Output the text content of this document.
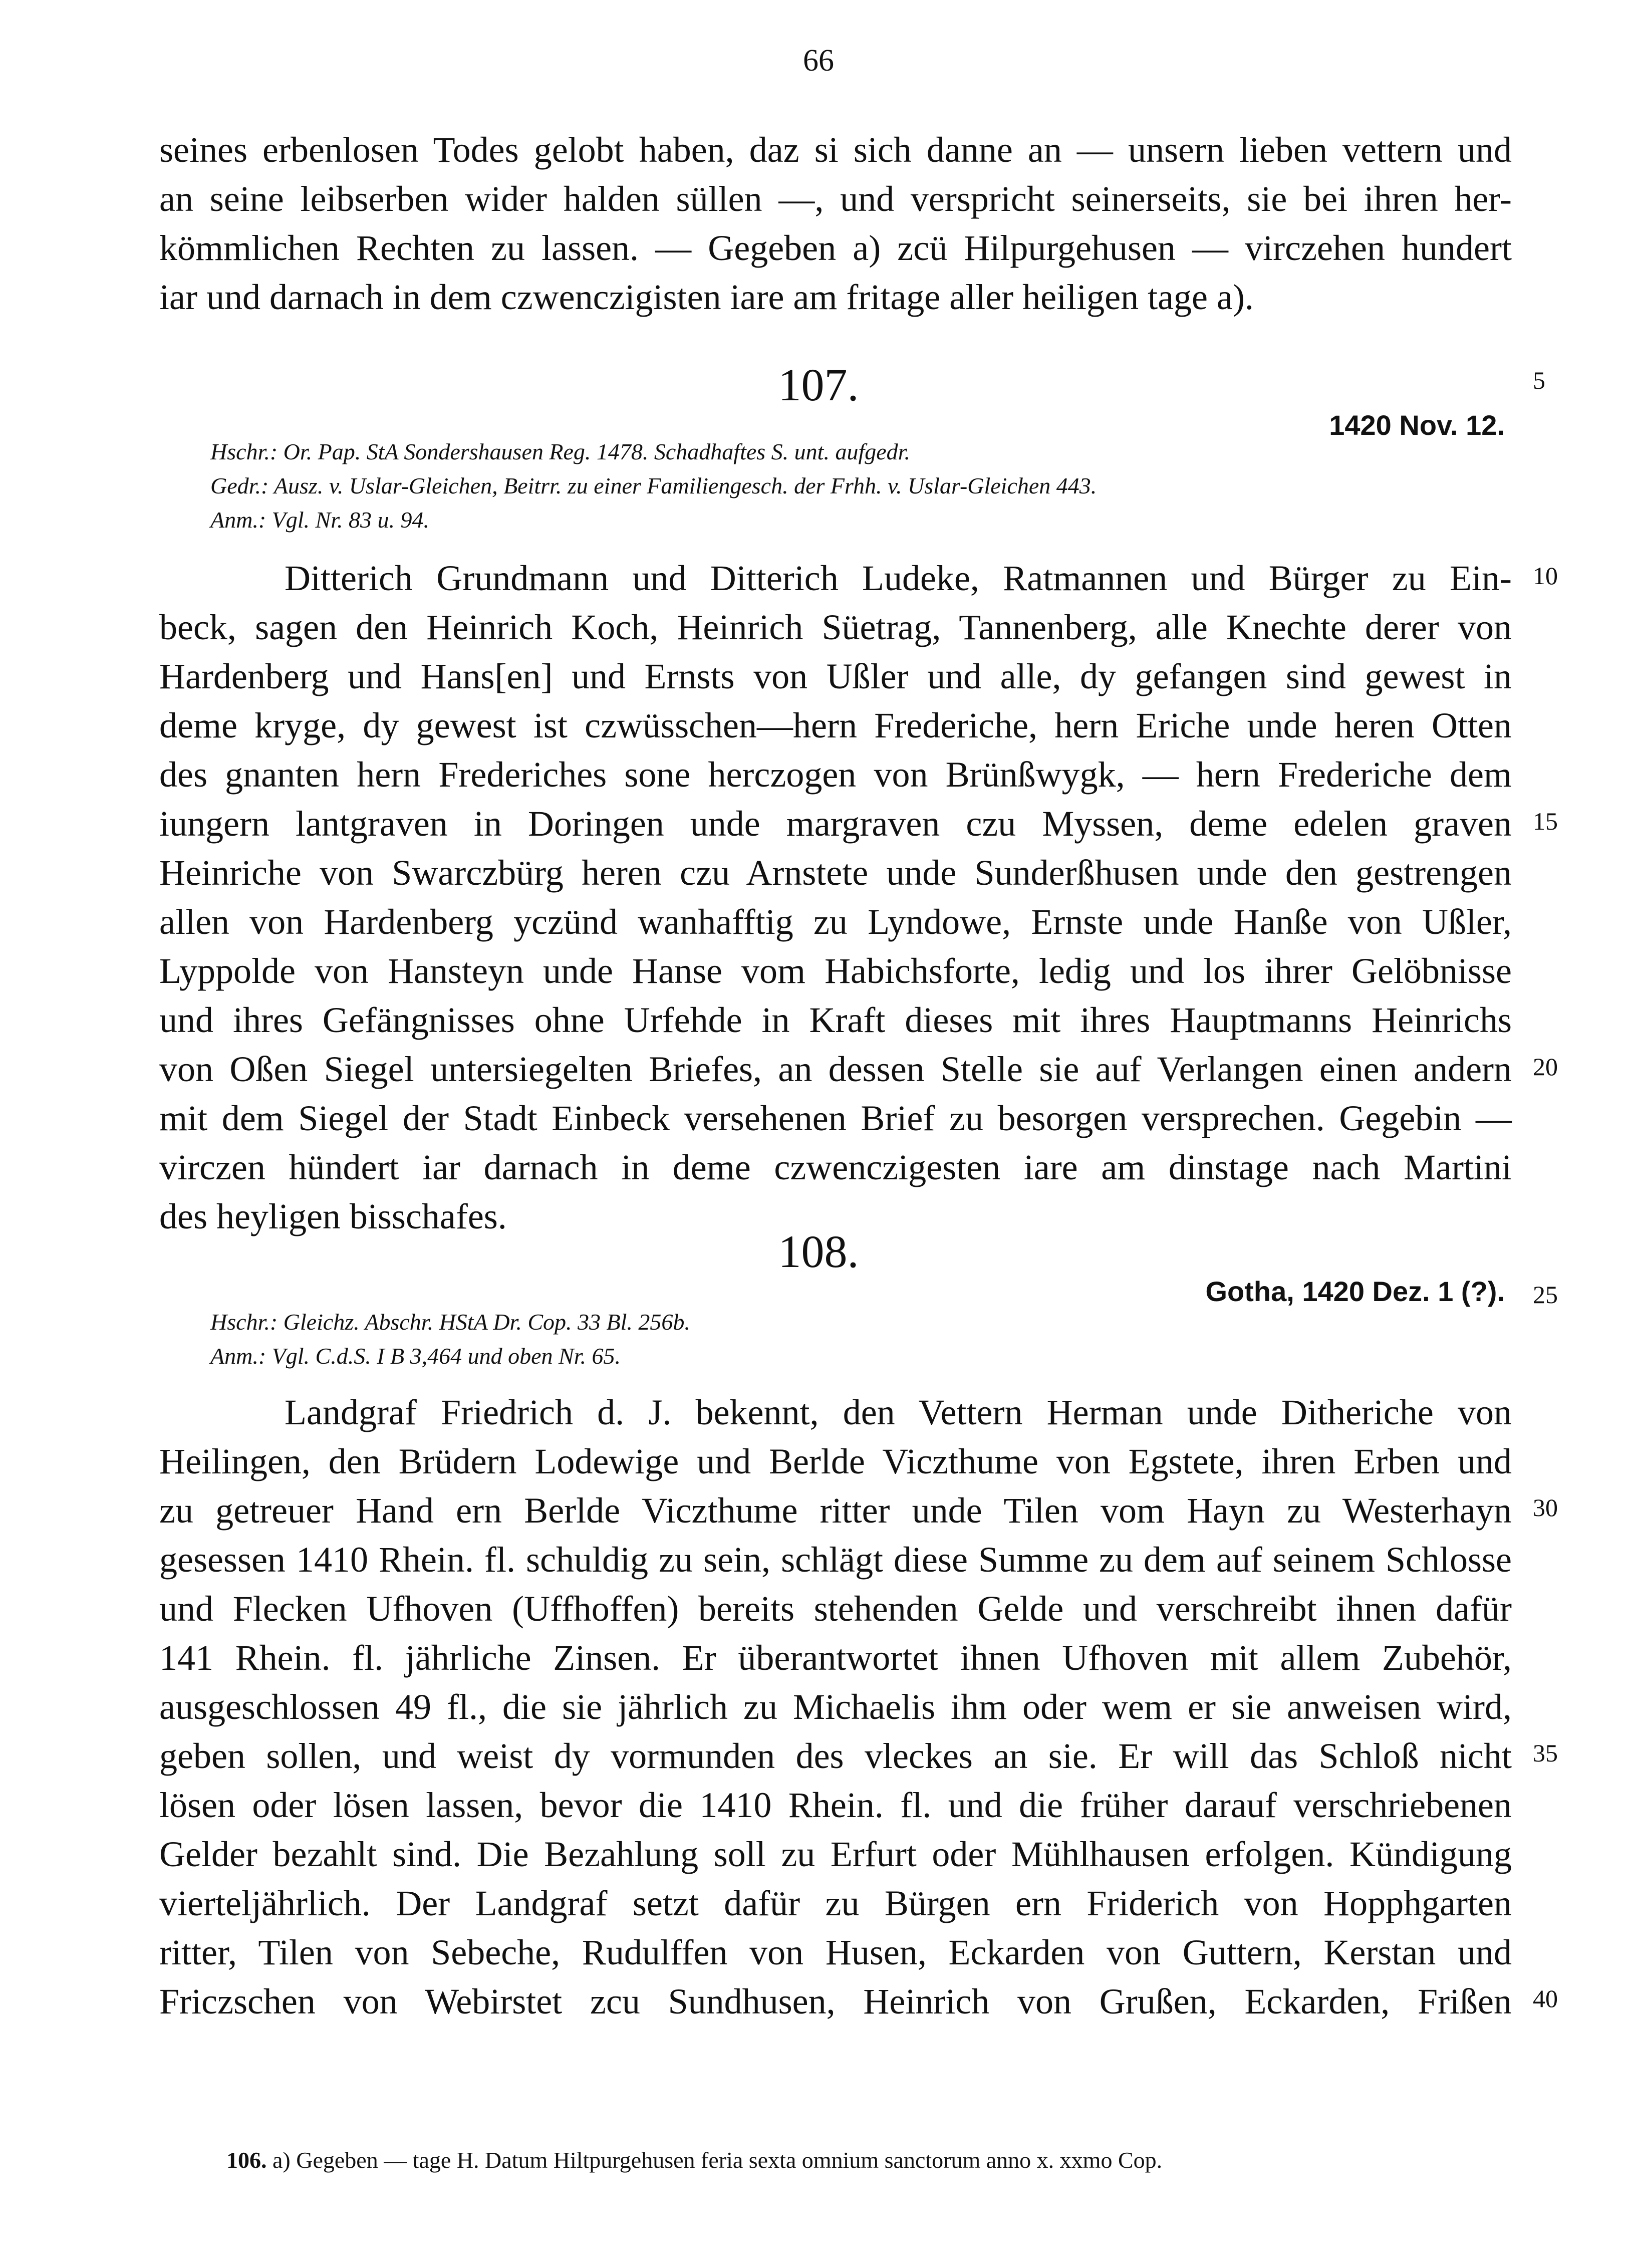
66
seines erbenlosen Todes gelobt haben, daz si sich danne an — unsern lieben vettern und
an seine leibserben wider halden süllen —, und verspricht seinerseits, sie bei ihren her-
kömmlichen Rechten zu lassen. — Gegeben a) zcü Hilpurgehusen — virczehen hundert
iar und darnach in dem czwenczigisten iare am fritage aller heiligen tage a).
107.
1420 Nov. 12.
Hschr.: Or. Pap. StA Sondershausen Reg. 1478. Schadhaftes S. unt. aufgedr.
Gedr.: Ausz. v. Uslar-Gleichen, Beitrr. zu einer Familiengesch. der Frhh. v. Uslar-Gleichen 443.
Anm.: Vgl. Nr. 83 u. 94.
Ditterich Grundmann und Ditterich Ludeke, Ratmannen und Bürger zu Ein-
beck, sagen den Heinrich Koch, Heinrich Süetrag, Tannenberg, alle Knechte derer von
Hardenberg und Hans[en] und Ernsts von Ußler und alle, dy gefangen sind gewest in
deme kryge, dy gewest ist czwüsschen—hern Frederiche, hern Eriche unde heren Otten
des gnanten hern Frederiches sone herczogen von Brünßwygk, — hern Frederiche dem
iungern lantgraven in Doringen unde margraven czu Myssen, deme edelen graven
Heinriche von Swarczbürg heren czu Arnstete unde Sunderßhusen unde den gestrengen
allen von Hardenberg yczünd wanhafftig zu Lyndowe, Ernste unde Hanße von Ußler,
Lyppolde von Hansteyn unde Hanse vom Habichsforte, ledig und los ihrer Gelöbnisse
und ihres Gefängnisses ohne Urfehde in Kraft dieses mit ihres Hauptmanns Heinrichs
von Oßen Siegel untersiegelten Briefes, an dessen Stelle sie auf Verlangen einen andern
mit dem Siegel der Stadt Einbeck versehenen Brief zu besorgen versprechen. Gegebin —
virczen hündert iar darnach in deme czwenczigesten iare am dinstage nach Martini
des heyligen bisschafes.
108.
Gotha, 1420 Dez. 1 (?).
Hschr.: Gleichz. Abschr. HStA Dr. Cop. 33 Bl. 256b.
Anm.: Vgl. C.d.S. I B 3,464 und oben Nr. 65.
Landgraf Friedrich d. J. bekennt, den Vettern Herman unde Ditheriche von
Heilingen, den Brüdern Lodewige und Berlde Viczthume von Egstete, ihren Erben und
zu getreuer Hand ern Berlde Viczthume ritter unde Tilen vom Hayn zu Westerhayn
gesessen 1410 Rhein. fl. schuldig zu sein, schlägt diese Summe zu dem auf seinem Schlosse
und Flecken Ufhoven (Uffhoffen) bereits stehenden Gelde und verschreibt ihnen dafür
141 Rhein. fl. jährliche Zinsen. Er überantwortet ihnen Ufhoven mit allem Zubehör,
ausgeschlossen 49 fl., die sie jährlich zu Michaelis ihm oder wem er sie anweisen wird,
geben sollen, und weist dy vormunden des vleckes an sie. Er will das Schloß nicht
lösen oder lösen lassen, bevor die 1410 Rhein. fl. und die früher darauf verschriebenen
Gelder bezahlt sind. Die Bezahlung soll zu Erfurt oder Mühlhausen erfolgen. Kündigung
vierteljährlich. Der Landgraf setzt dafür zu Bürgen ern Friderich von Hopphgarten
ritter, Tilen von Sebeche, Rudulffen von Husen, Eckarden von Guttern, Kerstan und
Friczschen von Webirstet zcu Sundhusen, Heinrich von Grußen, Eckarden, Frißen
5
10
15
20
25
30
35
40
106. a) Gegeben — tage H. Datum Hiltpurgehusen feria sexta omnium sanctorum anno x. xxmo Cop.
